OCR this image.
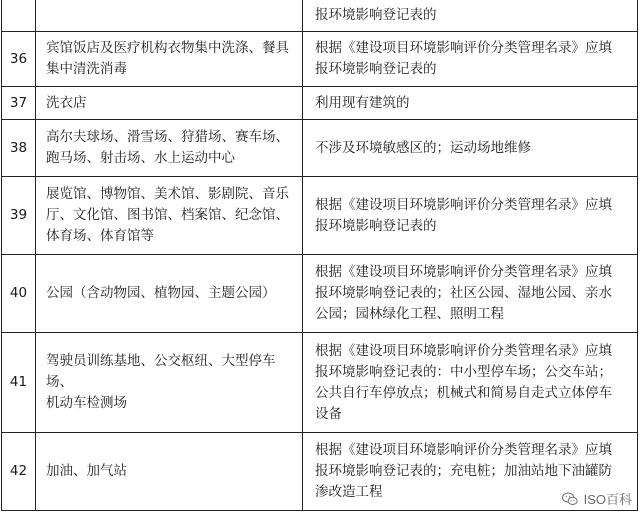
		报环境影响登记表的
36	宾馆饭店及医疗机构衣物集中洗涤、餐具
集中清洗消毒	根据《建设项目环境影响评价分类管理名录》应填
报环境影响登记表的
37	洗衣店	利用现有建筑的
38	高尔夫球场、滑雪场、狩猎场、赛车场、
跑马场、射击场、水上运动中心	不涉及环境敏感区的；运动场地维修
39	展览馆、博物馆、美术馆、影剧院、音乐
厅、文化馆、图书馆、档案馆、纪念馆、
体育场、体育馆等	根据《建设项目环境影响评价分类管理名录》应填
报环境影响登记表的
40	公园（含动物园、植物园、主题公园）	根据《建设项目环境影响评价分类管理名录》应填
报环境影响登记表的；社区公园、湿地公园、亲水
公园；园林绿化工程、照明工程
41	驾驶员训练基地、公交枢纽、大型停车场、
机动车检测场	根据《建设项目环境影响评价分类管理名录》应填
报环境影响登记表的：中小型停车场；公交车站；
公共自行车停放点；机械式和简易自走式立体停车
设备
42	加油、加气站	根据《建设项目环境影响评价分类管理名录》应填
报环境影响登记表的；充电桩；加油站地下油罐防
渗改造工程	ISO百科
